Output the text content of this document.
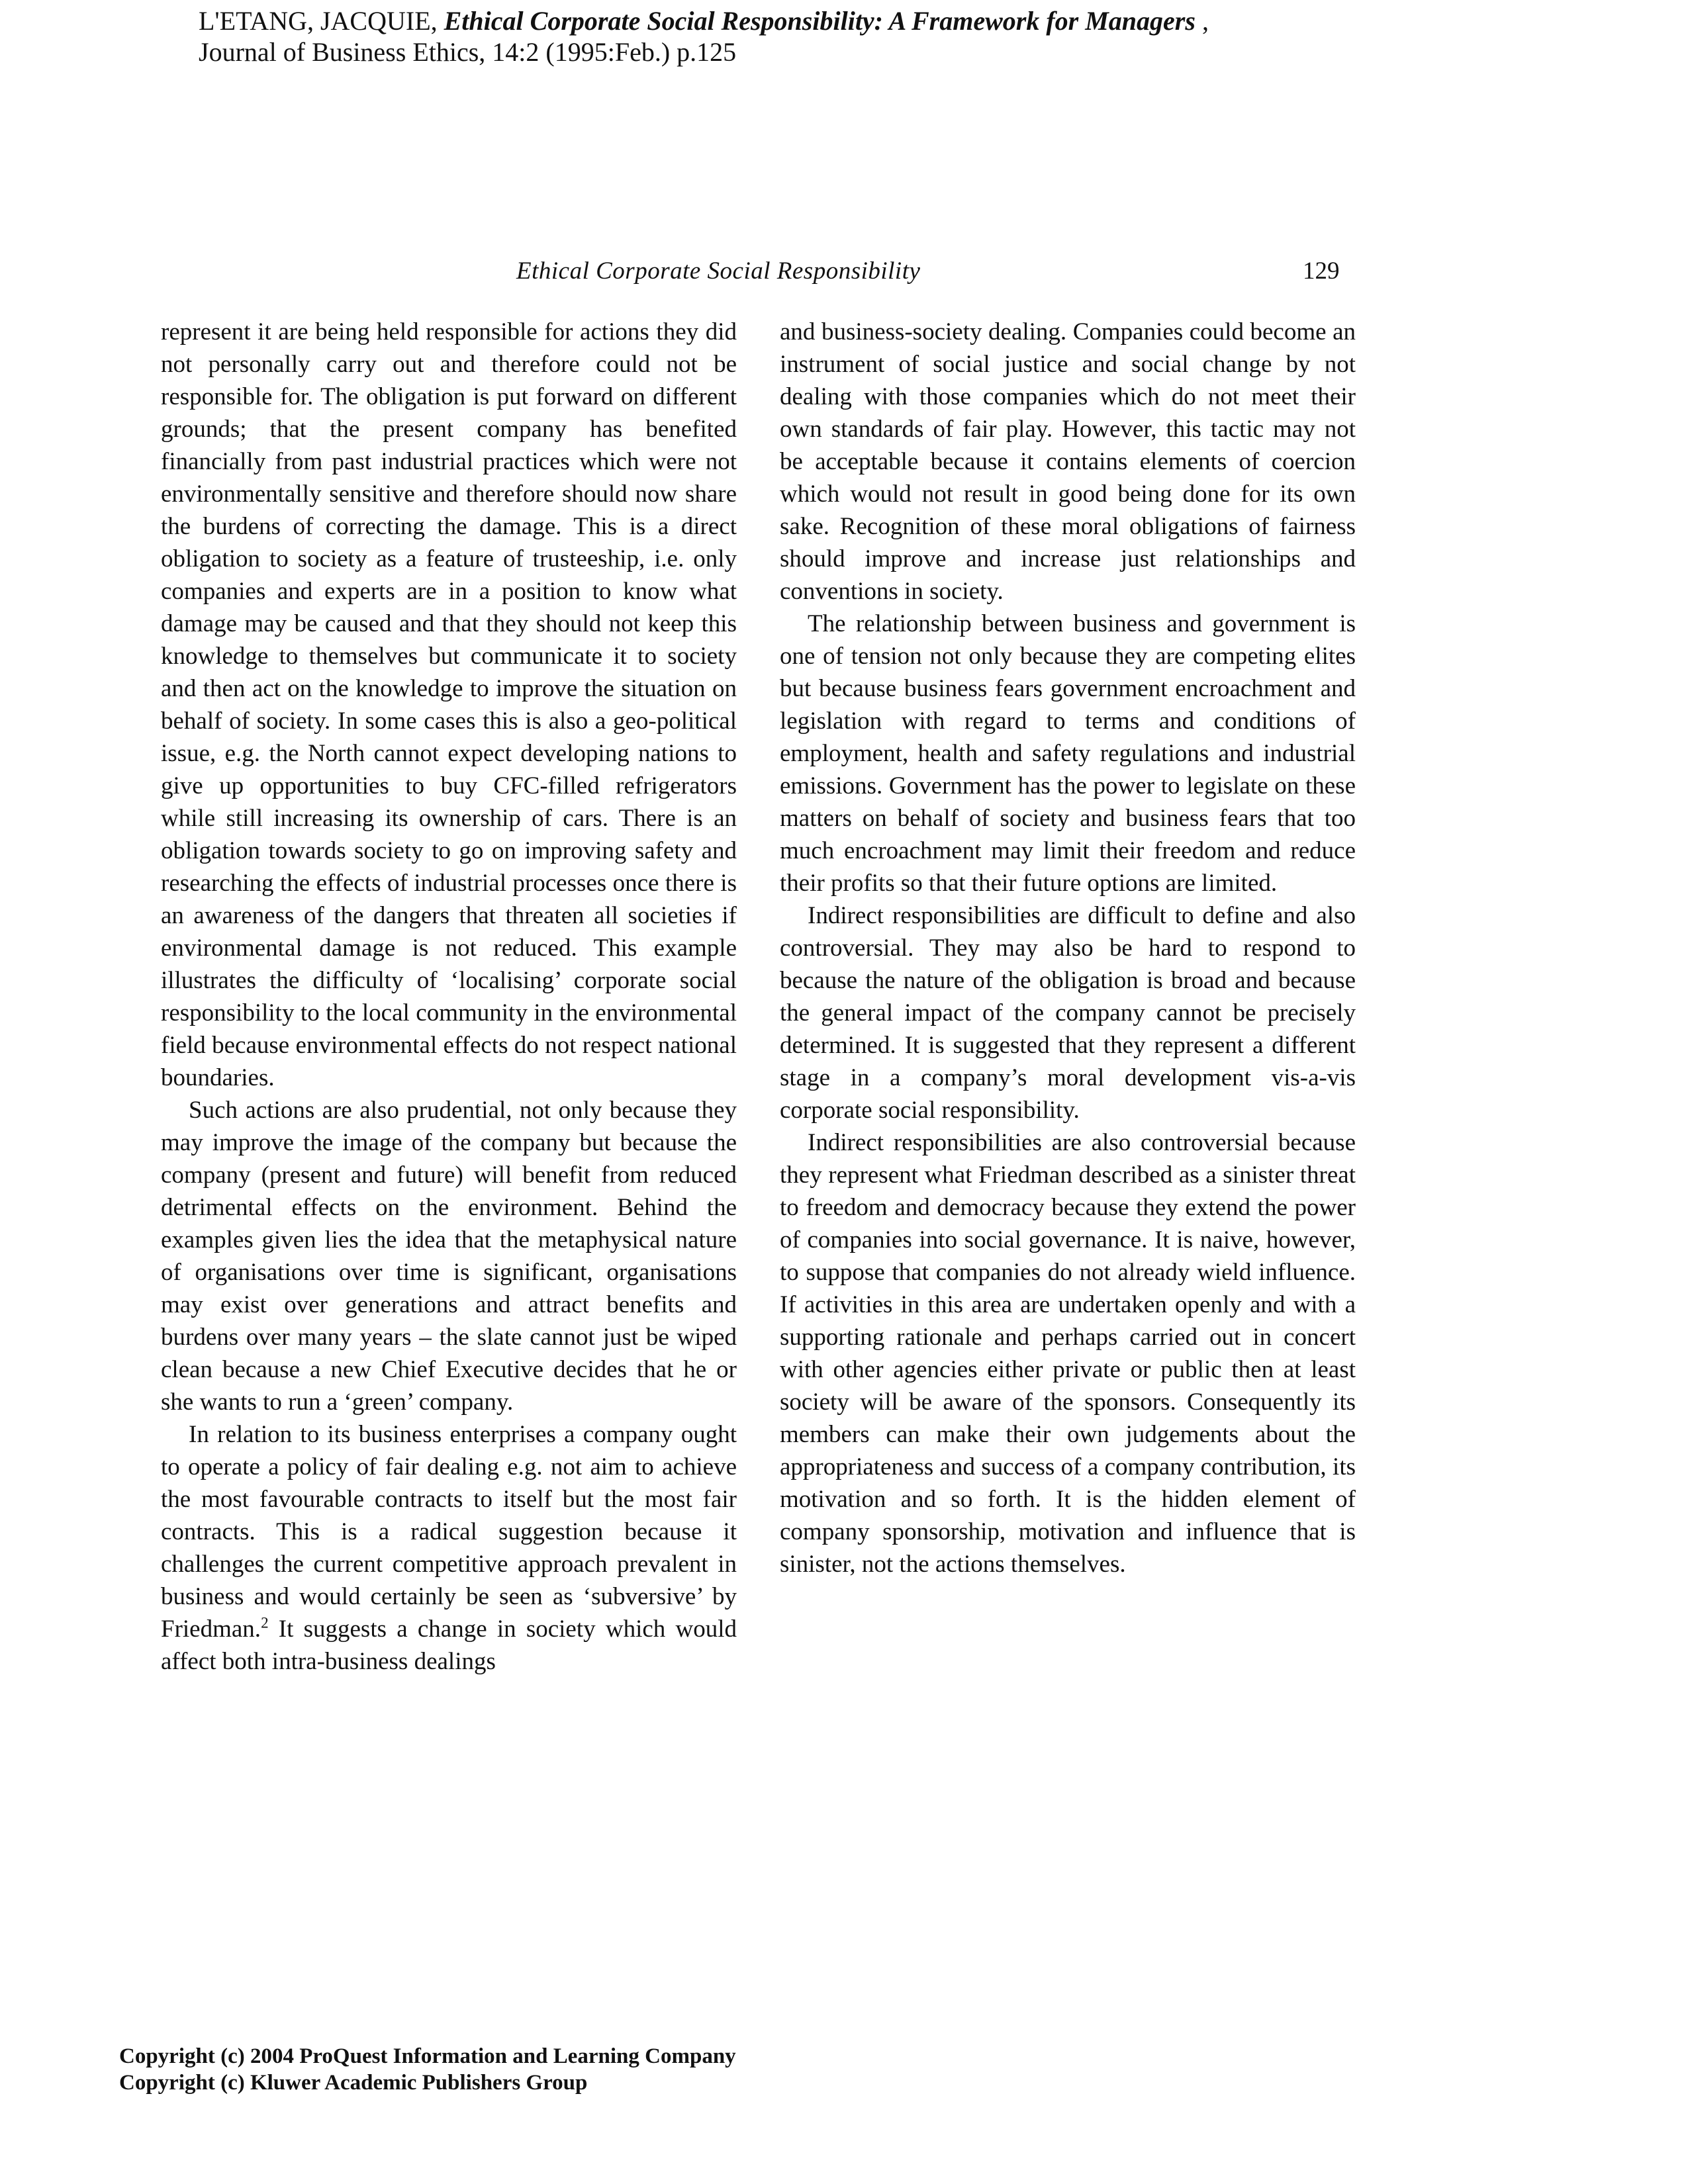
L'ETANG, JACQUIE, Ethical Corporate Social Responsibility: A Framework for Managers ,
Journal of Business Ethics, 14:2 (1995:Feb.) p.125
Ethical Corporate Social Responsibility	129

represent it are being held responsible for actions they did not personally carry out and therefore could not be responsible for. The obligation is put forward on different grounds; that the present company has benefited financially from past industrial practices which were not environmentally sensitive and therefore should now share the burdens of correcting the damage. This is a direct obligation to society as a feature of trusteeship, i.e. only companies and experts are in a position to know what damage may be caused and that they should not keep this knowledge to themselves but communicate it to society and then act on the knowledge to improve the situation on behalf of society. In some cases this is also a geo-political issue, e.g. the North cannot expect developing nations to give up opportunities to buy CFC-filled refrigerators while still increasing its ownership of cars. There is an obligation towards society to go on improving safety and researching the effects of industrial processes once there is an awareness of the dangers that threaten all societies if environmental damage is not reduced. This example illustrates the difficulty of ‘localising’ corporate social responsibility to the local community in the environmental field because environmental effects do not respect national boundaries.

Such actions are also prudential, not only because they may improve the image of the company but because the company (present and future) will benefit from reduced detrimental effects on the environment. Behind the examples given lies the idea that the metaphysical nature of organisations over time is significant, organisations may exist over generations and attract benefits and burdens over many years – the slate cannot just be wiped clean because a new Chief Executive decides that he or she wants to run a ‘green’ company.

In relation to its business enterprises a company ought to operate a policy of fair dealing e.g. not aim to achieve the most favourable contracts to itself but the most fair contracts. This is a radical suggestion because it challenges the current competitive approach prevalent in business and would certainly be seen as ‘subversive’ by Friedman.$^2$ It suggests a change in society which would affect both intra-business dealings

and business-society dealing. Companies could become an instrument of social justice and social change by not dealing with those companies which do not meet their own standards of fair play. However, this tactic may not be acceptable because it contains elements of coercion which would not result in good being done for its own sake. Recognition of these moral obligations of fairness should improve and increase just relationships and conventions in society.

The relationship between business and government is one of tension not only because they are competing elites but because business fears government encroachment and legislation with regard to terms and conditions of employment, health and safety regulations and industrial emissions. Government has the power to legislate on these matters on behalf of society and business fears that too much encroachment may limit their freedom and reduce their profits so that their future options are limited.

Indirect responsibilities are difficult to define and also controversial. They may also be hard to respond to because the nature of the obligation is broad and because the general impact of the company cannot be precisely determined. It is suggested that they represent a different stage in a company’s moral development vis-a-vis corporate social responsibility.

Indirect responsibilities are also controversial because they represent what Friedman described as a sinister threat to freedom and democracy because they extend the power of companies into social governance. It is naive, however, to suppose that companies do not already wield influence. If activities in this area are undertaken openly and with a supporting rationale and perhaps carried out in concert with other agencies either private or public then at least society will be aware of the sponsors. Consequently its members can make their own judgements about the appropriateness and success of a company contribution, its motivation and so forth. It is the hidden element of company sponsorship, motivation and influence that is sinister, not the actions themselves.

Copyright (c) 2004 ProQuest Information and Learning Company
Copyright (c) Kluwer Academic Publishers Group
